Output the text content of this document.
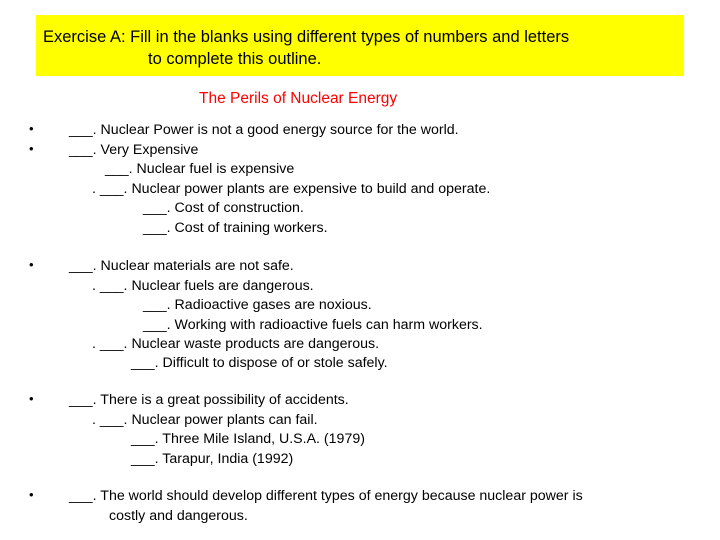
Exercise A: Fill in the blanks using different types of numbers and letters
to complete this outline.
The Perils of Nuclear Energy
•
•
•
•
•
___. Nuclear Power is not a good energy source for the world.
___. Very Expensive
___. Nuclear fuel is expensive
. ___. Nuclear power plants are expensive to build and operate.
___. Cost of construction.
___. Cost of training workers.
___. Nuclear materials are not safe.
. ___. Nuclear fuels are dangerous.
___. Radioactive gases are noxious.
___. Working with radioactive fuels can harm workers.
. ___. Nuclear waste products are dangerous.
___. Difficult to dispose of or stole safely.
___. There is a great possibility of accidents.
. ___. Nuclear power plants can fail.
___. Three Mile Island, U.S.A. (1979)
___. Tarapur, India (1992)
___. The world should develop different types of energy because nuclear power is
costly and dangerous.
